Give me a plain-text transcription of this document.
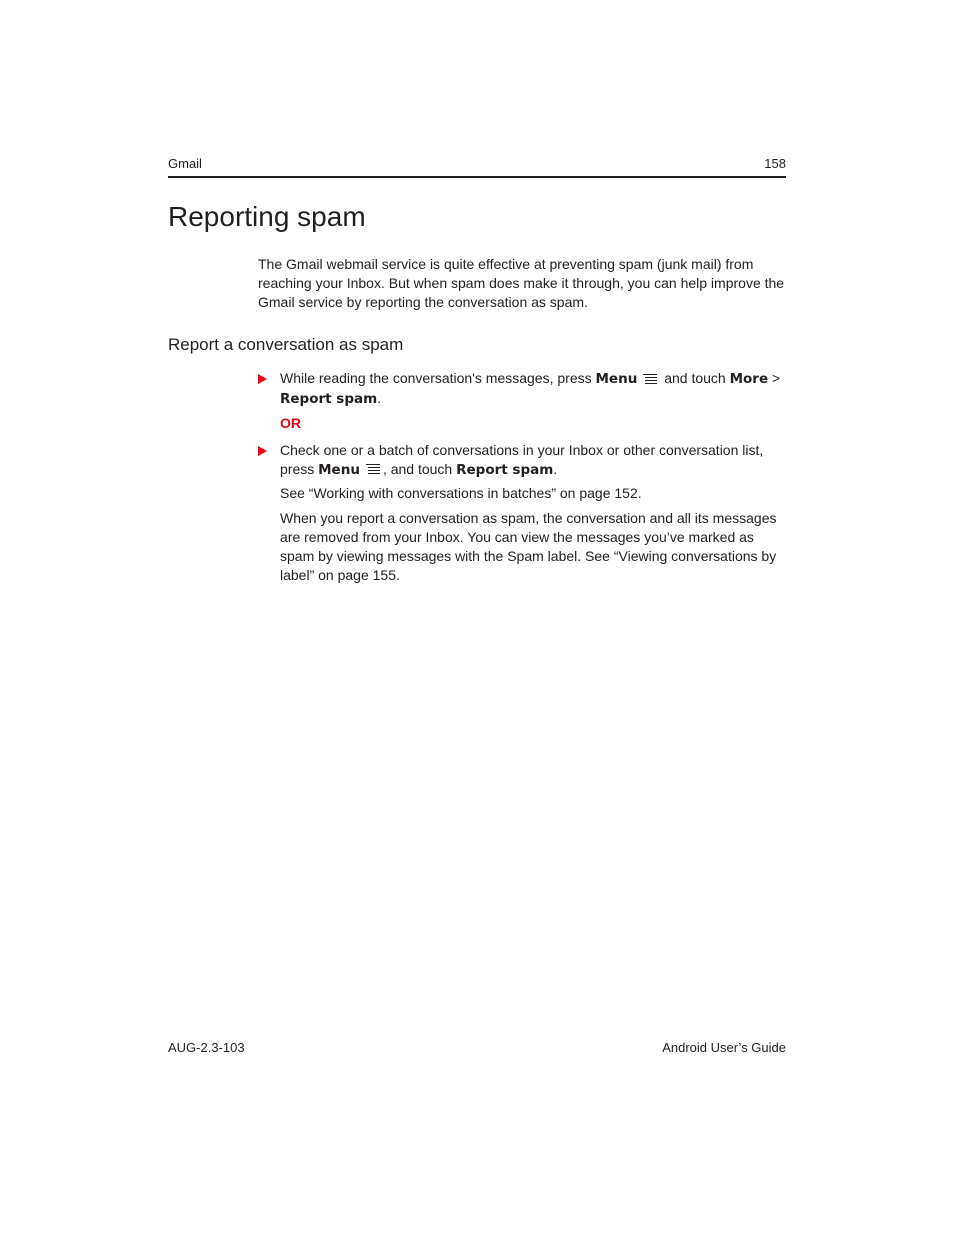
Gmail	158
Reporting spam

The Gmail webmail service is quite effective at preventing spam (junk mail) from reaching your Inbox. But when spam does make it through, you can help improve the Gmail service by reporting the conversation as spam.

Report a conversation as spam

While reading the conversation's messages, press Menu
and touch More >
Report spam.

OR

Check one or a batch of conversations in your Inbox or other conversation list, press Menu , and touch Report spam.

See “Working with conversations in batches” on page 152.

When you report a conversation as spam, the conversation and all its messages are removed from your Inbox. You can view the messages you’ve marked as spam by viewing messages with the Spam label. See “Viewing conversations by label” on page 155.

AUG-2.3-103	Android User’s Guide
